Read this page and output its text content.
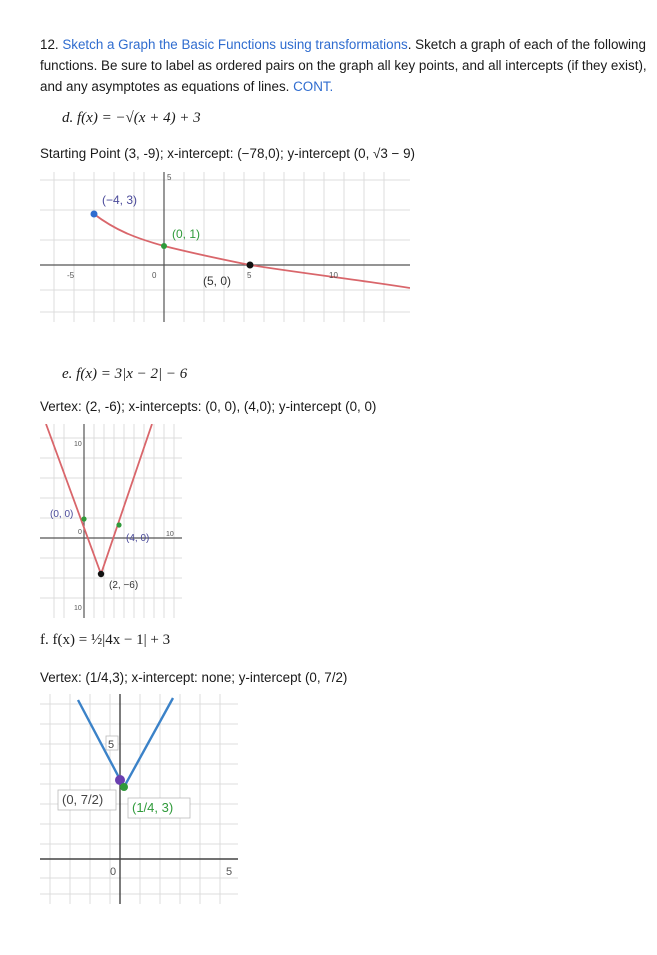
12. Sketch a Graph the Basic Functions using transformations. Sketch a graph of each of the following functions. Be sure to label as ordered pairs on the graph all key points, and all intercepts (if they exist), and any asymptotes as equations of lines. CONT.
d. f(x) = −√(x + 4) + 3
Starting Point (3, -9); x-intercept: (−78,0); y-intercept (0, √3 − 9)
(−4, 3)
(0, 1)
(5, 0)
5
-5	0	5	10
e. f(x) = 3|x − 2| − 6
Vertex: (2, -6); x-intercepts: (0, 0), (4,0); y-intercept (0, 0)
(0, 0)
(4, 0)
(2, −6)
10
0	10
10
f. f(x) = ½|4x − 1| + 3
Vertex: (1/4,3); x-intercept: none; y-intercept (0, 7/2)
5
(0, 7/2)
(1/4, 3)
0	5
